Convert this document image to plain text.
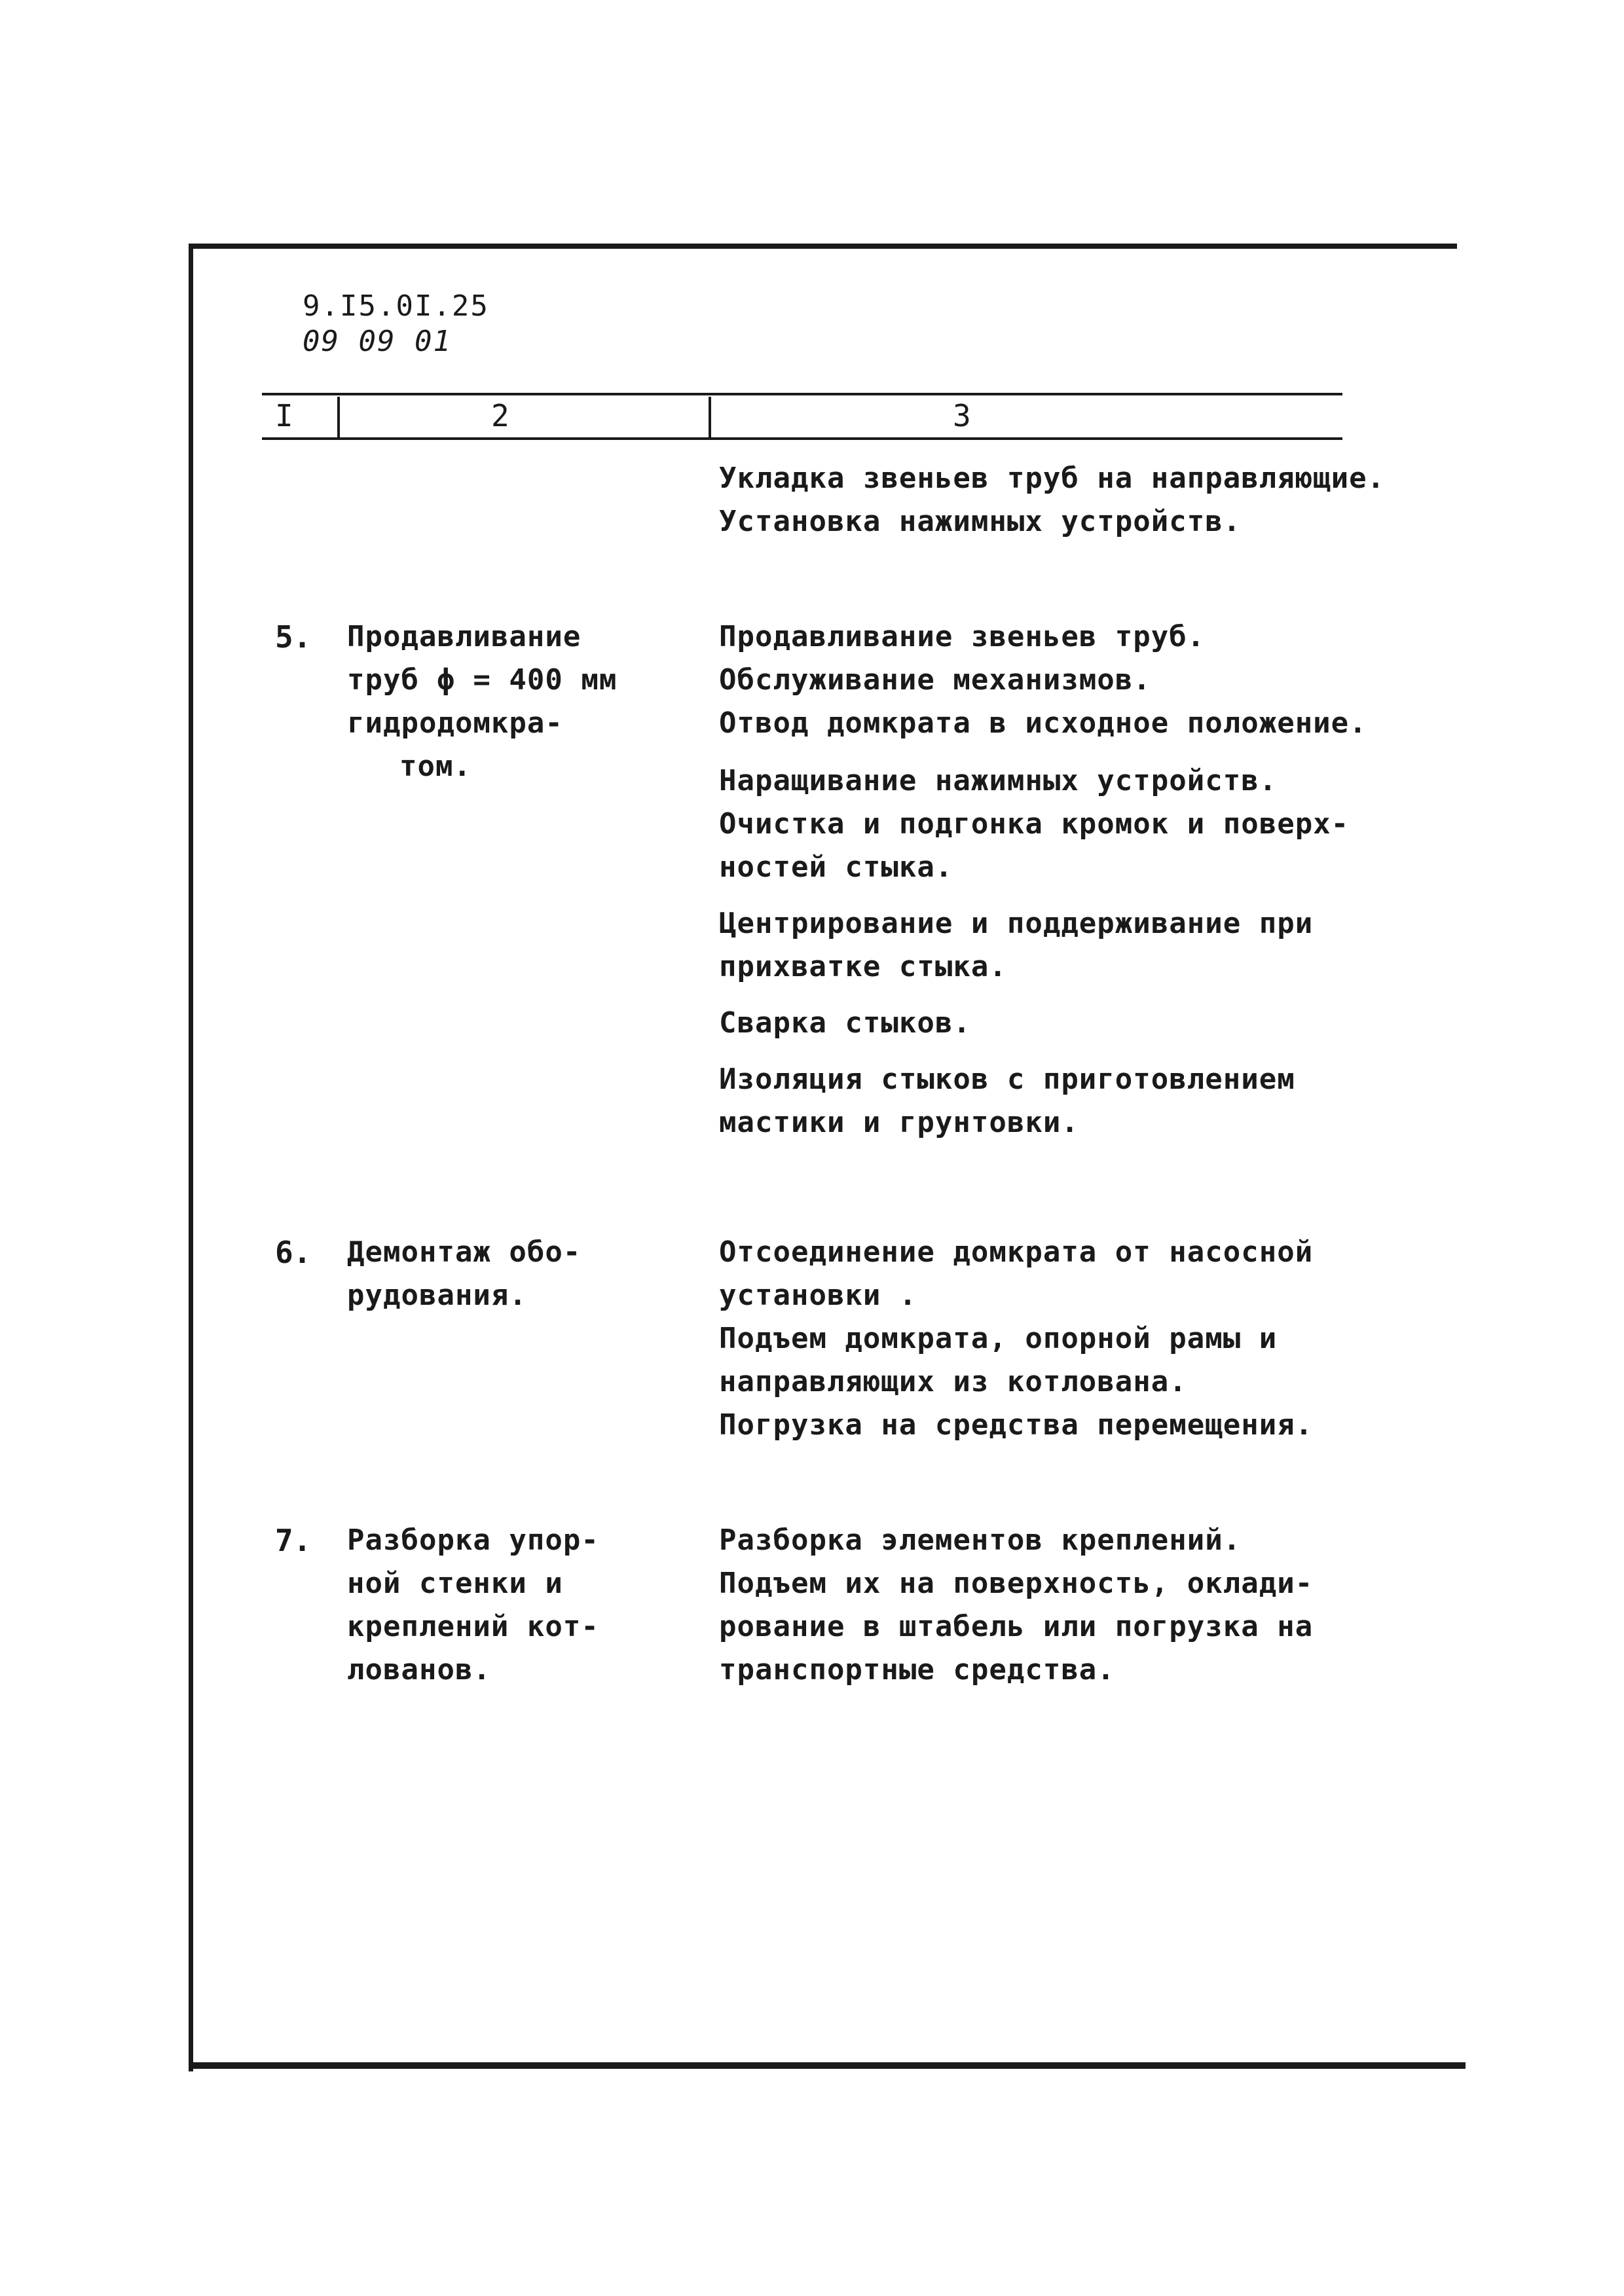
9.I5.0I.25
09 09 01
I	2	3
Укладка звеньев труб на направляющие.
Установка нажимных устройств.
5. Продавливание
труб ϕ = 400 мм
гидродомкра-
том.
Продавливание звеньев труб.
Обслуживание механизмов.
Отвод домкрата в исходное положение.
Наращивание нажимных устройств.
Очистка и подгонка кромок и поверх-
ностей стыка.
Центрирование и поддерживание при
прихватке стыка.
Сварка стыков.
Изоляция стыков с приготовлением
мастики и грунтовки.
6. Демонтаж обо-
рудования.
Отсоединение домкрата от насосной
установки .
Подъем домкрата, опорной рамы и
направляющих из котлована.
Погрузка на средства перемещения.
7. Разборка упор-
ной стенки и
креплений кот-
лованов.
Разборка элементов креплений.
Подъем их на поверхность, оклади-
рование в штабель или погрузка на
транспортные средства.
